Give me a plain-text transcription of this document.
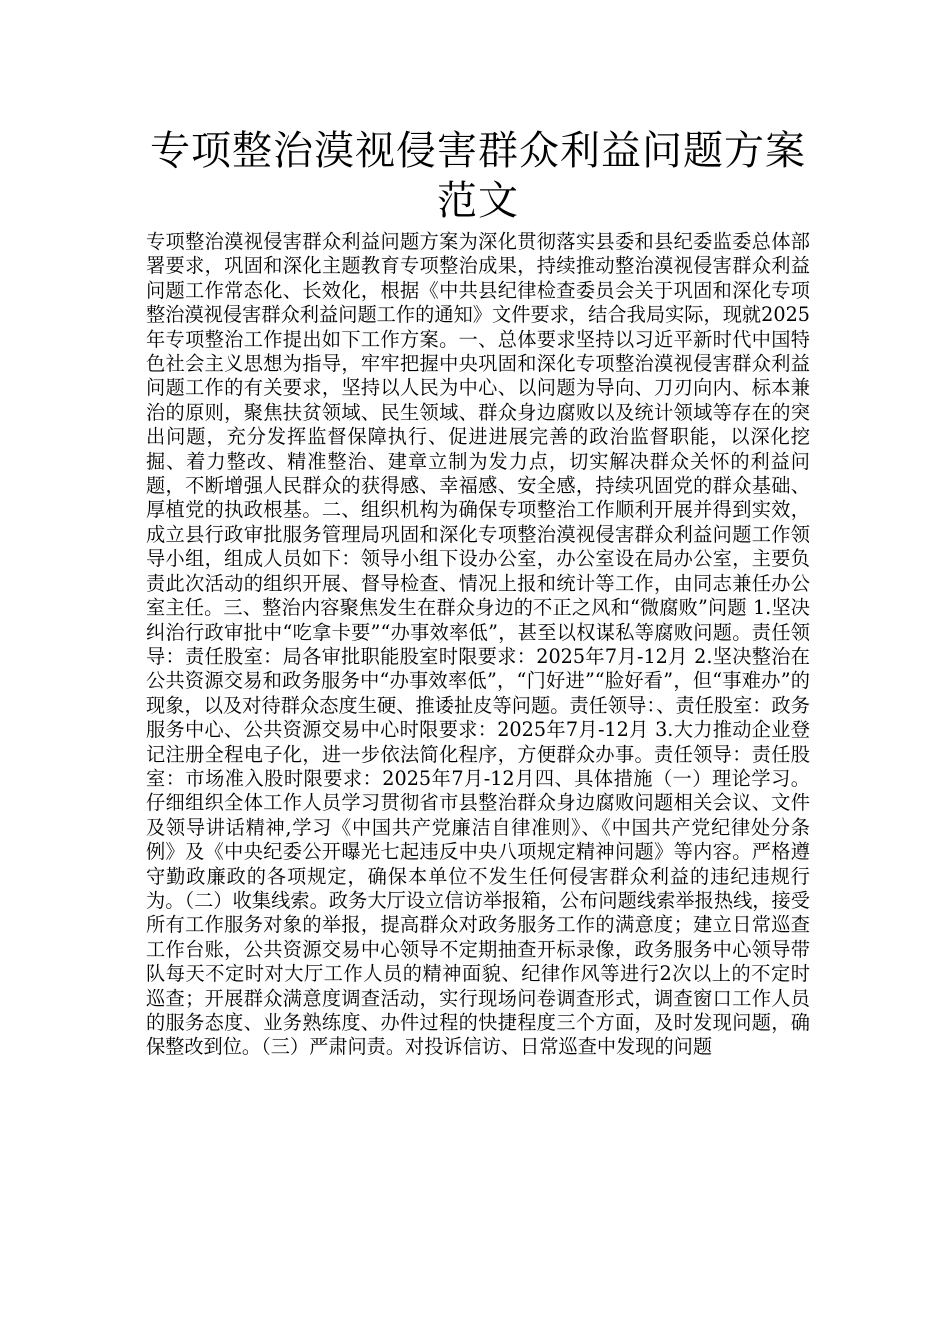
专项整治漠视侵害群众利益问题方案范文

专项整治漠视侵害群众利益问题方案为深化贯彻落实县委和县纪委监委总体部署要求，巩固和深化主题教育专项整治成果，持续推动整治漠视侵害群众利益问题工作常态化、长效化，根据《中共县纪律检查委员会关于巩固和深化专项整治漠视侵害群众利益问题工作的通知》文件要求，结合我局实际，现就2025年专项整治工作提出如下工作方案。一、总体要求坚持以习近平新时代中国特色社会主义思想为指导，牢牢把握中央巩固和深化专项整治漠视侵害群众利益问题工作的有关要求，坚持以人民为中心、以问题为导向、刀刃向内、标本兼治的原则，聚焦扶贫领域、民生领域、群众身边腐败以及统计领域等存在的突出问题，充分发挥监督保障执行、促进进展完善的政治监督职能，以深化挖掘、着力整改、精准整治、建章立制为发力点，切实解决群众关怀的利益问题，不断增强人民群众的获得感、幸福感、安全感，持续巩固党的群众基础、厚植党的执政根基。二、组织机构为确保专项整治工作顺利开展并得到实效，成立县行政审批服务管理局巩固和深化专项整治漠视侵害群众利益问题工作领导小组，组成人员如下：领导小组下设办公室，办公室设在局办公室，主要负责此次活动的组织开展、督导检查、情况上报和统计等工作，由同志兼任办公室主任。三、整治内容聚焦发生在群众身边的不正之风和“微腐败”问题 1.坚决纠治行政审批中“吃拿卡要”“办事效率低”，甚至以权谋私等腐败问题。责任领导：责任股室：局各审批职能股室时限要求：2025年7月-12月 2.坚决整治在公共资源交易和政务服务中“办事效率低”，“门好进”“脸好看”，但“事难办”的现象，以及对待群众态度生硬、推诿扯皮等问题。责任领导：、责任股室：政务服务中心、公共资源交易中心时限要求：2025年7月-12月 3.大力推动企业登记注册全程电子化，进一步依法简化程序，方便群众办事。责任领导：责任股室：市场准入股时限要求：2025年7月-12月四、具体措施（一）理论学习。仔细组织全体工作人员学习贯彻省市县整治群众身边腐败问题相关会议、文件及领导讲话精神,学习《中国共产党廉洁自律准则》、《中国共产党纪律处分条例》及《中央纪委公开曝光七起违反中央八项规定精神问题》等内容。严格遵守勤政廉政的各项规定，确保本单位不发生任何侵害群众利益的违纪违规行为。（二）收集线索。政务大厅设立信访举报箱，公布问题线索举报热线，接受所有工作服务对象的举报，提高群众对政务服务工作的满意度；建立日常巡查工作台账，公共资源交易中心领导不定期抽查开标录像，政务服务中心领导带队每天不定时对大厅工作人员的精神面貌、纪律作风等进行2次以上的不定时巡查；开展群众满意度调查活动，实行现场问卷调查形式，调查窗口工作人员的服务态度、业务熟练度、办件过程的快捷程度三个方面，及时发现问题，确保整改到位。（三）严肃问责。对投诉信访、日常巡查中发现的问题
